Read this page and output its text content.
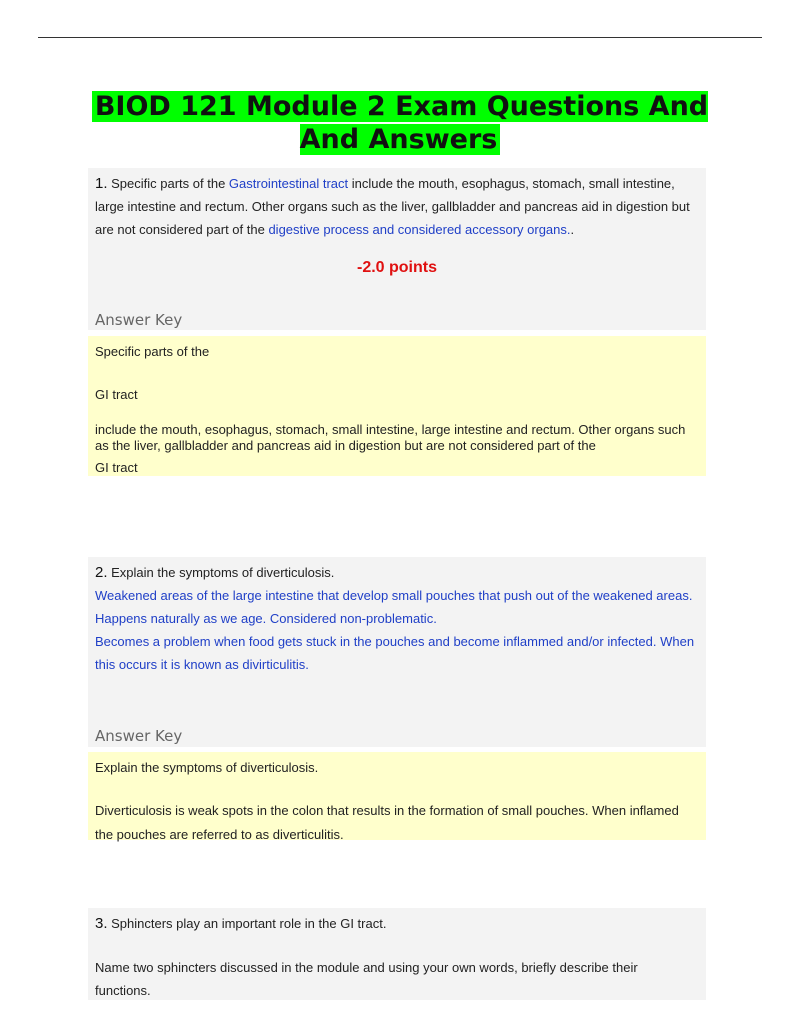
BIOD 121 Module 2 Exam Questions And And Answers

1. Specific parts of the Gastrointestinal tract include the mouth, esophagus, stomach, small intestine, large intestine and rectum. Other organs such as the liver, gallbladder and pancreas aid in digestion but are not considered part of the digestive process and considered accessory organs..

-2.0 points
Answer Key
Specific parts of the
GI tract
include the mouth, esophagus, stomach, small intestine, large intestine and rectum. Other organs such as the liver, gallbladder and pancreas aid in digestion but are not considered part of the
GI tract

2. Explain the symptoms of diverticulosis.

Weakened areas of the large intestine that develop small pouches that push out of the weakened areas. Happens naturally as we age. Considered non-problematic.

Becomes a problem when food gets stuck in the pouches and become inflammed and/or infected. When this occurs it is known as divirticulitis.

Answer Key
Explain the symptoms of diverticulosis.
Diverticulosis is weak spots in the colon that results in the formation of small pouches. When inflamed the pouches are referred to as diverticulitis.

3. Sphincters play an important role in the GI tract.

Name two sphincters discussed in the module and using your own words, briefly describe their functions.
